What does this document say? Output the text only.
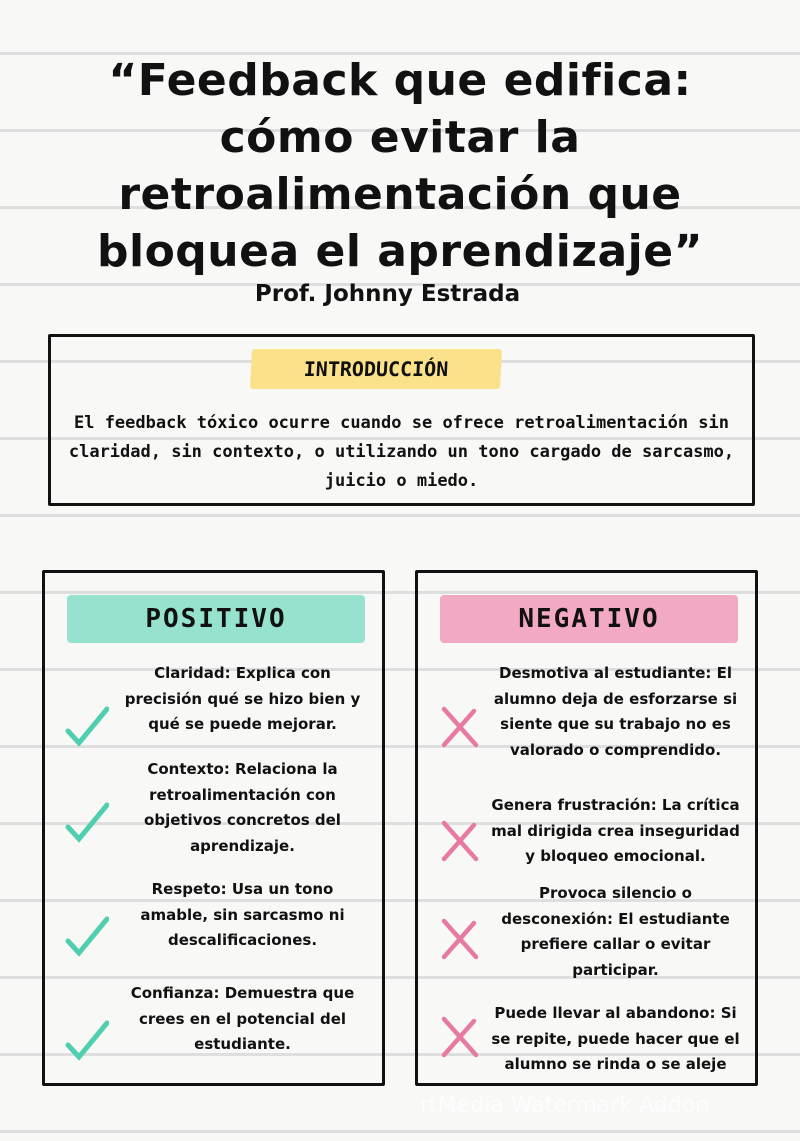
“Feedback que edifica: cómo evitar la retroalimentación que bloquea el aprendizaje”
Prof. Johnny Estrada
INTRODUCCIÓN
El feedback tóxico ocurre cuando se ofrece retroalimentación sin claridad, sin contexto, o utilizando un tono cargado de sarcasmo, juicio o miedo.
POSITIVO
Claridad: Explica con precisión qué se hizo bien y qué se puede mejorar.
Contexto: Relaciona la retroalimentación con objetivos concretos del aprendizaje.
Respeto: Usa un tono amable, sin sarcasmo ni descalificaciones.
Confianza: Demuestra que crees en el potencial del estudiante.
NEGATIVO
Desmotiva al estudiante: El alumno deja de esforzarse si siente que su trabajo no es valorado o comprendido.
Genera frustración: La crítica mal dirigida crea inseguridad y bloqueo emocional.
Provoca silencio o desconexión: El estudiante prefiere callar o evitar participar.
Puede llevar al abandono: Si se repite, puede hacer que el alumno se rinda o se aleje
rtMedia Watermark Addon
